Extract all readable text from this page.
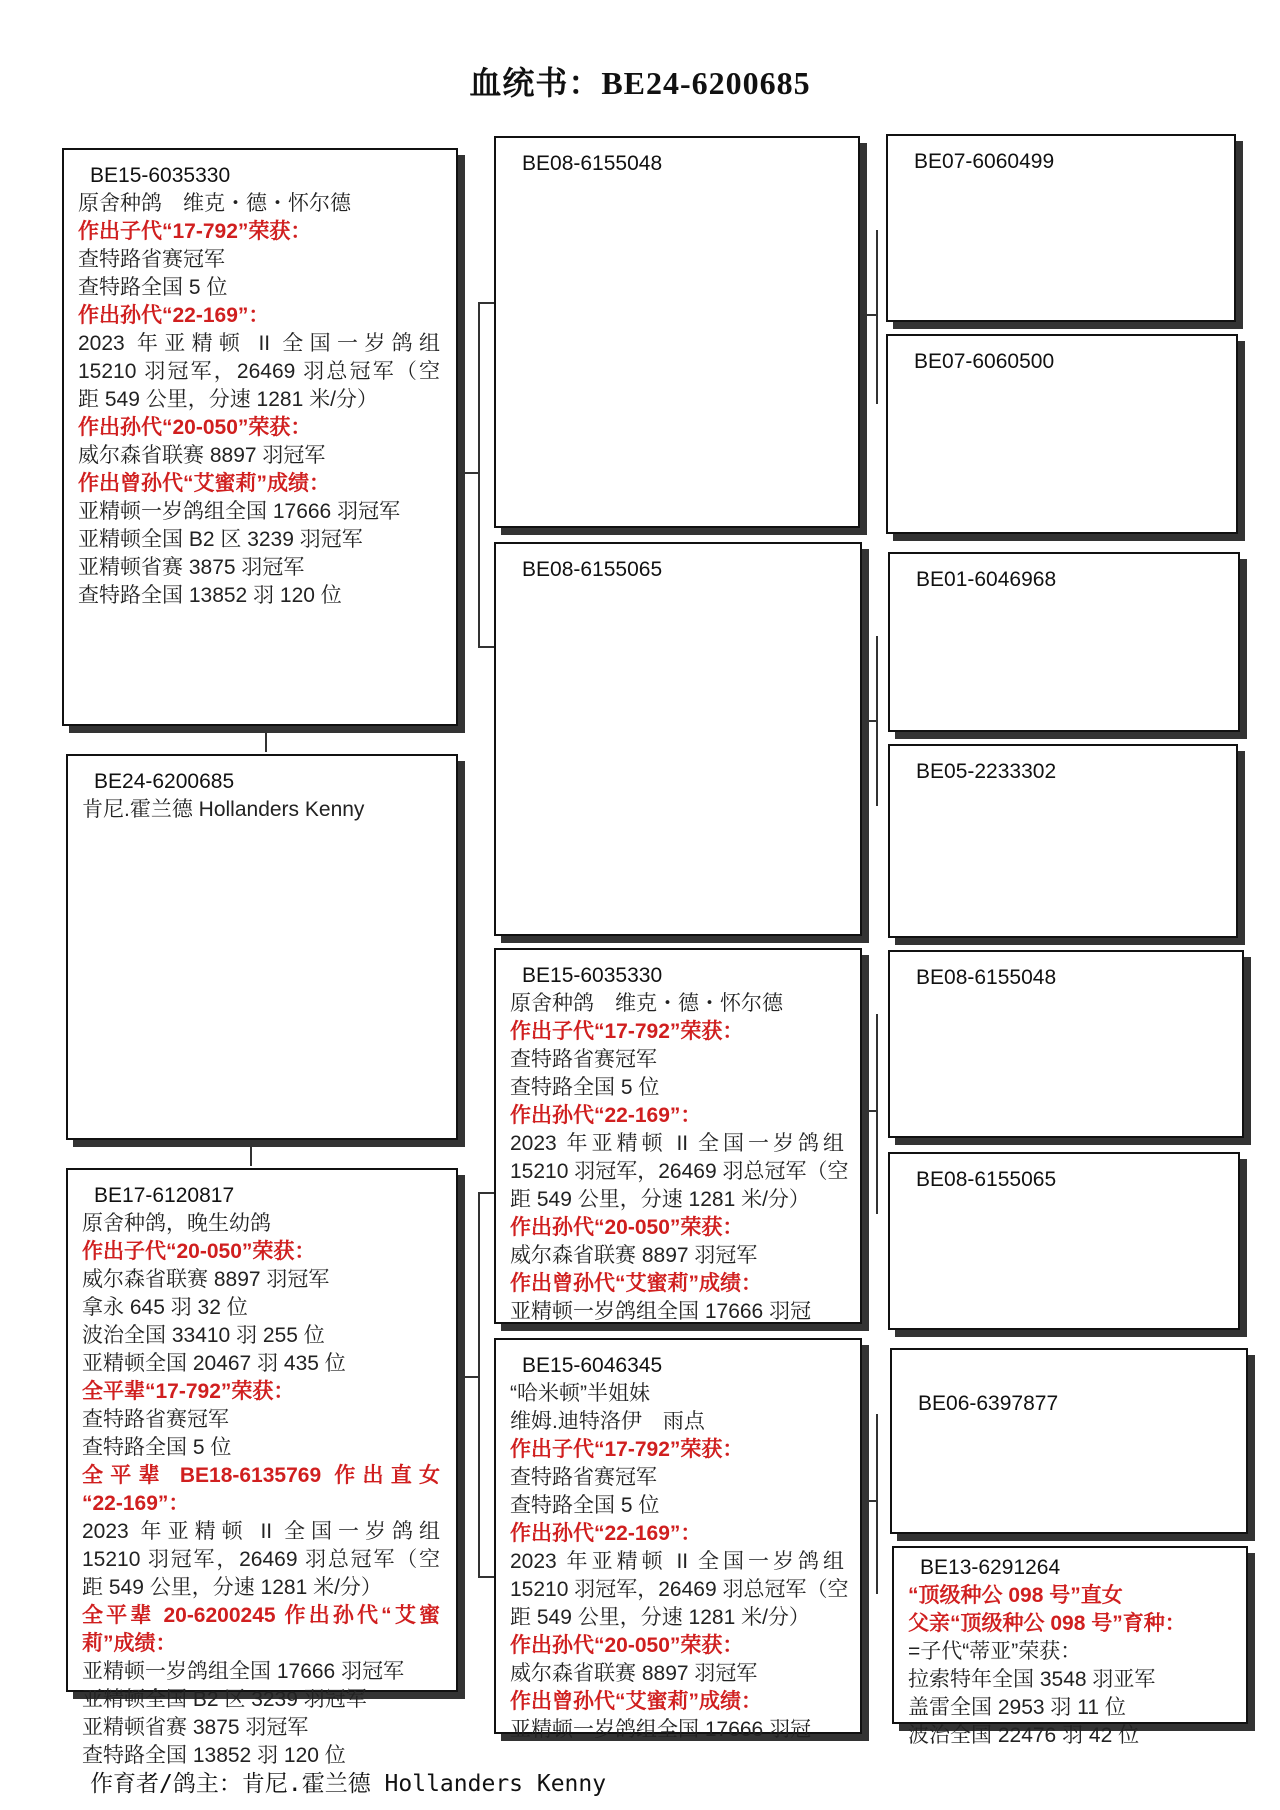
血统书：BE24-6200685
BE15-6035330
原舍种鸽　维克・德・怀尔德
作出子代“17-792”荣获：
查特路省赛冠军
查特路全国 5 位
作出孙代“22-169”：
2023 年亚精顿 II 全国一岁鸽组
15210 羽冠军，26469 羽总冠军（空
距 549 公里，分速 1281 米/分）
作出孙代“20-050”荣获：
威尔森省联赛 8897 羽冠军
作出曾孙代“艾蜜莉”成绩：
亚精顿一岁鸽组全国 17666 羽冠军
亚精顿全国 B2 区 3239 羽冠军
亚精顿省赛 3875 羽冠军
查特路全国 13852 羽 120 位
BE24-6200685
肯尼.霍兰德 Hollanders Kenny
BE17-6120817
原舍种鸽，晚生幼鸽
作出子代“20-050”荣获：
威尔森省联赛 8897 羽冠军
拿永 645 羽 32 位
波治全国 33410 羽 255 位
亚精顿全国 20467 羽 435 位
全平辈“17-792”荣获：
查特路省赛冠军
查特路全国 5 位
全平辈 BE18-6135769 作出直女
“22-169”：
2023 年亚精顿 II 全国一岁鸽组
15210 羽冠军，26469 羽总冠军（空
距 549 公里，分速 1281 米/分）
全平辈 20-6200245 作出孙代“艾蜜
莉”成绩：
亚精顿一岁鸽组全国 17666 羽冠军
亚精顿全国 B2 区 3239 羽冠军
亚精顿省赛 3875 羽冠军
查特路全国 13852 羽 120 位
BE08-6155048
BE08-6155065
BE15-6035330
原舍种鸽　维克・德・怀尔德
作出子代“17-792”荣获：
查特路省赛冠军
查特路全国 5 位
作出孙代“22-169”：
2023 年亚精顿 II 全国一岁鸽组
15210 羽冠军，26469 羽总冠军（空
距 549 公里，分速 1281 米/分）
作出孙代“20-050”荣获：
威尔森省联赛 8897 羽冠军
作出曾孙代“艾蜜莉”成绩：
亚精顿一岁鸽组全国 17666 羽冠
BE15-6046345
“哈米顿”半姐妹
维姆.迪特洛伊　雨点
作出子代“17-792”荣获：
查特路省赛冠军
查特路全国 5 位
作出孙代“22-169”：
2023 年亚精顿 II 全国一岁鸽组
15210 羽冠军，26469 羽总冠军（空
距 549 公里，分速 1281 米/分）
作出孙代“20-050”荣获：
威尔森省联赛 8897 羽冠军
作出曾孙代“艾蜜莉”成绩：
亚精顿一岁鸽组全国 17666 羽冠
BE07-6060499
BE07-6060500
BE01-6046968
BE05-2233302
BE08-6155048
BE08-6155065
BE06-6397877
BE13-6291264
“顶级种公 098 号”直女
父亲“顶级种公 098 号”育种：
=子代“蒂亚”荣获：
拉索特年全国 3548 羽亚军
盖雷全国 2953 羽 11 位
波治全国 22476 羽 42 位
作育者/鸽主：肯尼.霍兰德 Hollanders Kenny
